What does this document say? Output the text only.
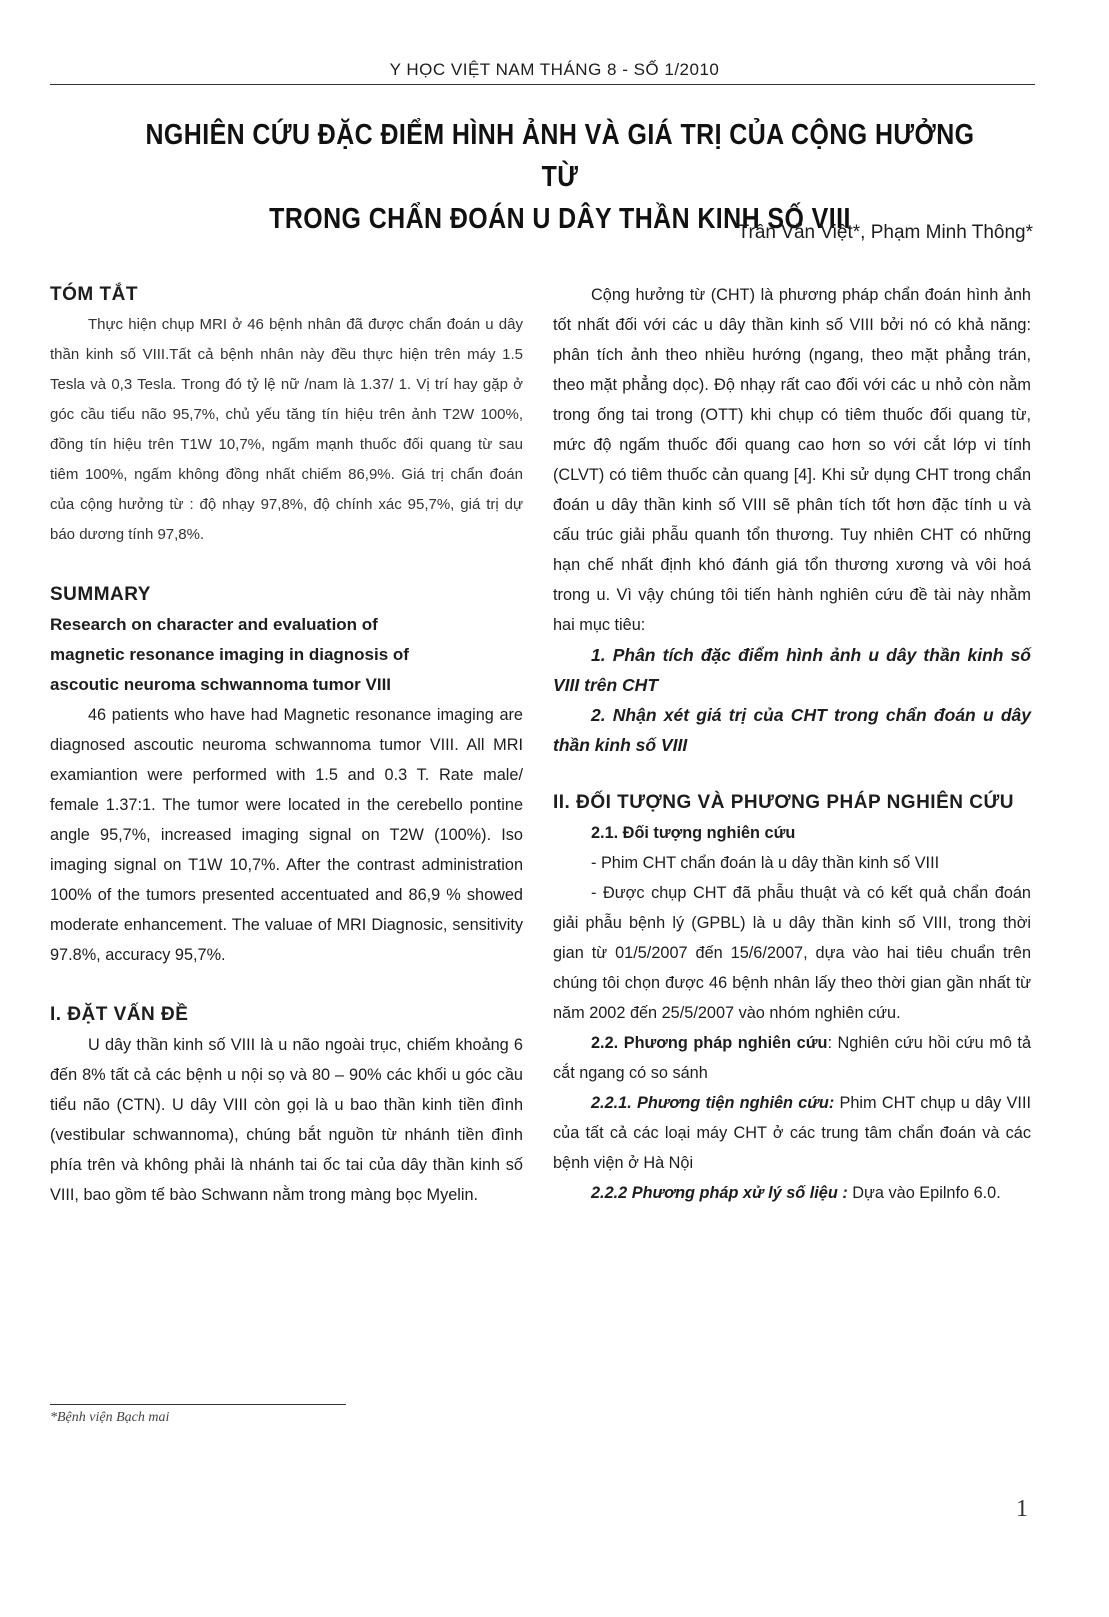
Y HỌC VIỆT NAM THÁNG 8 - SỐ 1/2010
NGHIÊN CỨU ĐẶC ĐIỂM HÌNH ẢNH VÀ GIÁ TRỊ CỦA CỘNG HƯỞNG TỪ
TRONG CHẨN ĐOÁN U DÂY THẦN KINH SỐ VIII
Trần Văn Việt*, Phạm Minh Thông*

TÓM TẮT

Thực hiện chụp MRI ở 46 bệnh nhân đã được chẩn đoán u dây thần kinh số VIII.Tất cả bệnh nhân này đều thực hiện trên máy 1.5 Tesla và 0,3 Tesla. Trong đó tỷ lệ nữ /nam là 1.37/ 1. Vị trí hay gặp ở góc cầu tiểu não 95,7%, chủ yếu tăng tín hiệu trên ảnh T2W 100%, đồng tín hiệu trên T1W 10,7%, ngấm mạnh thuốc đối quang từ sau tiêm 100%, ngấm không đồng nhất chiếm 86,9%. Giá trị chẩn đoán của cộng hưởng từ : độ nhạy 97,8%, độ chính xác 95,7%, giá trị dự báo dương tính 97,8%.

SUMMARY

Research on character and evaluation of

magnetic resonance imaging in diagnosis of

ascoutic neuroma schwannoma tumor VIII

46 patients who have had Magnetic resonance imaging are diagnosed ascoutic neuroma schwannoma tumor VIII. All MRI examiantion were performed with 1.5 and 0.3 T. Rate male/ female 1.37:1. The tumor were located in the cerebello pontine angle 95,7%, increased imaging signal on T2W (100%). Iso imaging signal on T1W 10,7%. After the contrast administration 100% of the tumors presented accentuated and 86,9 % showed moderate enhancement. The valuae of MRI Diagnosic, sensitivity 97.8%, accuracy 95,7%.

I. ĐẶT VẤN ĐỀ

U dây thần kinh số VIII là u não ngoài trục, chiếm khoảng 6 đến 8% tất cả các bệnh u nội sọ và 80 – 90% các khối u góc cầu tiểu não (CTN). U dây VIII còn gọi là u bao thần kinh tiền đình (vestibular schwannoma), chúng bắt nguồn từ nhánh tiền đình phía trên và không phải là nhánh tai ốc tai của dây thần kinh số VIII, bao gồm tế bào Schwann nằm trong màng bọc Myelin.

Cộng hưởng từ (CHT) là phương pháp chẩn đoán hình ảnh tốt nhất đối với các u dây thần kinh số VIII bởi nó có khả năng: phân tích ảnh theo nhiều hướng (ngang, theo mặt phẳng trán, theo mặt phẳng dọc). Độ nhạy rất cao đối với các u nhỏ còn nằm trong ống tai trong (OTT) khi chụp có tiêm thuốc đối quang từ, mức độ ngấm thuốc đối quang cao hơn so với cắt lớp vi tính (CLVT) có tiêm thuốc cản quang [4]. Khi sử dụng CHT trong chẩn đoán u dây thần kinh số VIII sẽ phân tích tốt hơn đặc tính u và cấu trúc giải phẫu quanh tổn thương. Tuy nhiên CHT có những hạn chế nhất định khó đánh giá tổn thương xương và vôi hoá trong u. Vì vậy chúng tôi tiến hành nghiên cứu đề tài này nhằm hai mục tiêu:

1. Phân tích đặc điểm hình ảnh u dây thần kinh số VIII trên CHT

2. Nhận xét giá trị của CHT trong chẩn đoán u dây thần kinh số VIII

II. ĐỐI TƯỢNG VÀ PHƯƠNG PHÁP NGHIÊN CỨU

2.1. Đối tượng nghiên cứu

- Phim CHT chẩn đoán là u dây thần kinh số VIII

- Được chụp CHT đã phẫu thuật và có kết quả chẩn đoán giải phẫu bệnh lý (GPBL) là u dây thần kinh số VIII, trong thời gian từ 01/5/2007 đến 15/6/2007, dựa vào hai tiêu chuẩn trên chúng tôi chọn được 46 bệnh nhân lấy theo thời gian gần nhất từ năm 2002 đến 25/5/2007 vào nhóm nghiên cứu.

2.2. Phương pháp nghiên cứu: Nghiên cứu hồi cứu mô tả cắt ngang có so sánh

2.2.1. Phương tiện nghiên cứu: Phim CHT chụp u dây VIII của tất cả các loại máy CHT ở các trung tâm chẩn đoán và các bệnh viện ở Hà Nội

2.2.2 Phương pháp xử lý số liệu : Dựa vào Epilnfo 6.0.

*Bệnh viện Bạch mai
1
